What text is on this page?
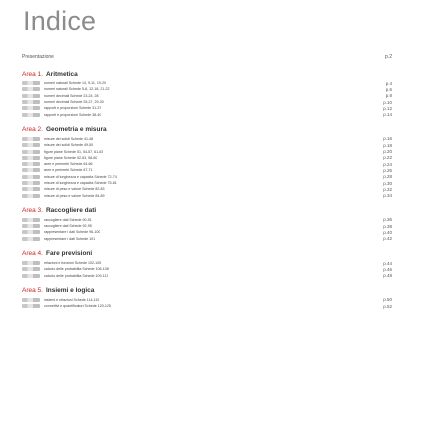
Indice
Presentazione	p.2
Area 1. Aritmetica
numeri naturali Schede 14, 9-11, 19-20	p.4
numeri naturali Schede 5-8, 12-18, 21-22	p.6
numeri decimali Schede 23-24, 28	p.8
numeri decimali Schede 25-27, 29-30	p.10
rapporti e proporzioni Schede 31-37	p.12
rapporti e proporzioni Schede 38-40	p.14
Area 2. Geometria e misura
misure dei solidi Schede 41-48	p.16
misure dei solidi Schede 49-50	p.18
figure piane Schede 51, 54-57, 61-63	p.20
figure piane Schede 52-53, 58-60	p.22
aree e perimetri Schede 64-66	p.24
aree e perimetri Schede 67-71	p.26
misure di lunghezza e capacita Schede 72-74	p.28
misure di lunghezza e capacita Schede 75-81	p.30
misure di peso e valore Schede 82-83	p.32
misure di peso e valore Schede 84-89	p.34
Area 3. Raccogliere dati
raccogliere dati Schede 90-91	p.36
raccogliere dati Schede 92-95	p.38
rappresentare i dati Schede 96-100	p.40
rappresentare i dati Schede 101	p.42
Area 4. Fare previsioni
relazioni e funzioni Schede 102-105	p.44
calcolo delle probabilita Schede 106-108	p.46
calcolo delle probabilita Schede 109-113	p.48
Area 5. Insiemi e logica
insiemi e relazioni Schede 114-119	p.50
connettivi e quantificatori Schede 120-125	p.52
